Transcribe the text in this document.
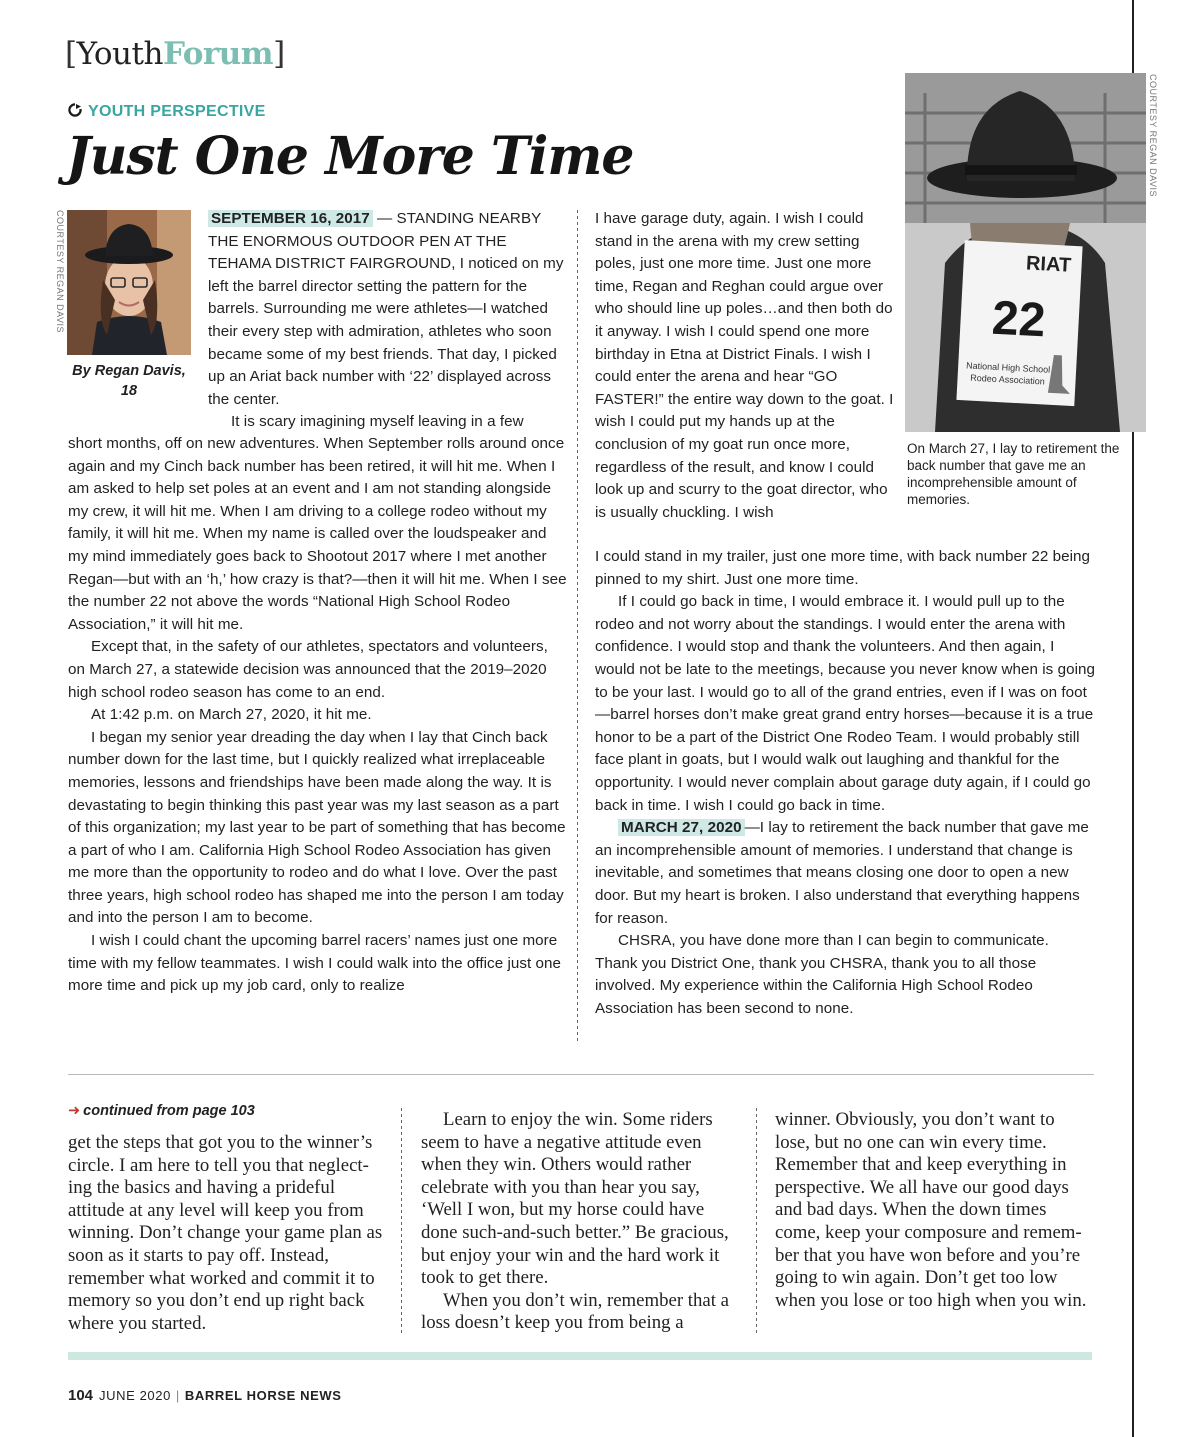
[YouthForum]
YOUTH PERSPECTIVE
Just One More Time
COURTESY REGAN DAVIS
COURTESY REGAN DAVIS
By Regan Davis,
18
RIAT
22
National High School
Rodeo Association
On March 27, I lay to retirement the back number that gave me an incomprehensible amount of memories.

SEPTEMBER 16, 2017 — STANDING NEARBY THE ENORMOUS OUTDOOR PEN AT THE TEHAMA DISTRICT FAIRGROUND, I noticed on my left the barrel director setting the pattern for the barrels. Surrounding me were athletes—I watched their every step with admiration, athletes who soon became some of my best friends. That day, I picked up an Ariat back number with ‘22’ displayed across the center.

It is scary imagining myself leaving in a few

short months, off on new adventures. When September rolls around once again and my Cinch back number has been retired, it will hit me. When I am asked to help set poles at an event and I am not standing alongside my crew, it will hit me. When I am driving to a college rodeo without my family, it will hit me. When my name is called over the loudspeaker and my mind immediately goes back to Shootout 2017 where I met another Regan—but with an ‘h,’ how crazy is that?—then it will hit me. When I see the number 22 not above the words “National High School Rodeo Association,” it will hit me.

Except that, in the safety of our athletes, spectators and volunteers, on March 27, a statewide decision was announced that the 2019–2020 high school rodeo season has come to an end.

At 1:42 p.m. on March 27, 2020, it hit me.

I began my senior year dreading the day when I lay that Cinch back number down for the last time, but I quickly realized what irreplaceable memories, lessons and friendships have been made along the way. It is devastating to begin thinking this past year was my last season as a part of this organization; my last year to be part of something that has become a part of who I am. California High School Rodeo Association has given me more than the opportunity to rodeo and do what I love. Over the past three years, high school rodeo has shaped me into the person I am today and into the person I am to become.

I wish I could chant the upcoming barrel racers’ names just one more time with my fellow teammates. I wish I could walk into the office just one more time and pick up my job card, only to realize

I have garage duty, again. I wish I could stand in the arena with my crew setting poles, just one more time. Just one more time, Regan and Reghan could argue over who should line up poles…and then both do it anyway. I wish I could spend one more birthday in Etna at District Finals. I wish I could enter the arena and hear “GO FASTER!” the entire way down to the goat. I wish I could put my hands up at the conclusion of my goat run once more, regardless of the result, and know I could look up and scurry to the goat director, who is usually chuckling. I wish

I could stand in my trailer, just one more time, with back number 22 being pinned to my shirt. Just one more time.

If I could go back in time, I would embrace it. I would pull up to the rodeo and not worry about the standings. I would enter the arena with confidence. I would stop and thank the volunteers. And then again, I would not be late to the meetings, because you never know when is going to be your last. I would go to all of the grand entries, even if I was on foot—barrel horses don’t make great grand entry horses—because it is a true honor to be a part of the District One Rodeo Team. I would probably still face plant in goats, but I would walk out laughing and thankful for the opportunity. I would never complain about garage duty again, if I could go back in time. I wish I could go back in time.

MARCH 27, 2020 —I lay to retirement the back number that gave me an incomprehensible amount of memories. I understand that change is inevitable, and sometimes that means closing one door to open a new door. But my heart is broken. I also understand that everything happens for reason.

CHSRA, you have done more than I can begin to communicate. Thank you District One, thank you CHSRA, thank you to all those involved. My experience within the California High School Rodeo Association has been second to none.

➜ continued from page 103

get the steps that got you to the winner’s circle. I am here to tell you that neglecting the basics and having a prideful attitude at any level will keep you from winning. Don’t change your game plan as soon as it starts to pay off. Instead, remember what worked and commit it to memory so you don’t end up right back where you started.

Learn to enjoy the win. Some riders seem to have a negative attitude even when they win. Others would rather celebrate with you than hear you say, ‘Well I won, but my horse could have done such-and-such better.” Be gracious, but enjoy your win and the hard work it took to get there.

When you don’t win, remember that a loss doesn’t keep you from being a

winner. Obviously, you don’t want to lose, but no one can win every time. Remember that and keep everything in perspective. We all have our good days and bad days. When the down times come, keep your composure and remember that you have won before and you’re going to win again. Don’t get too low when you lose or too high when you win.

104 JUNE 2020 | BARREL HORSE NEWS
